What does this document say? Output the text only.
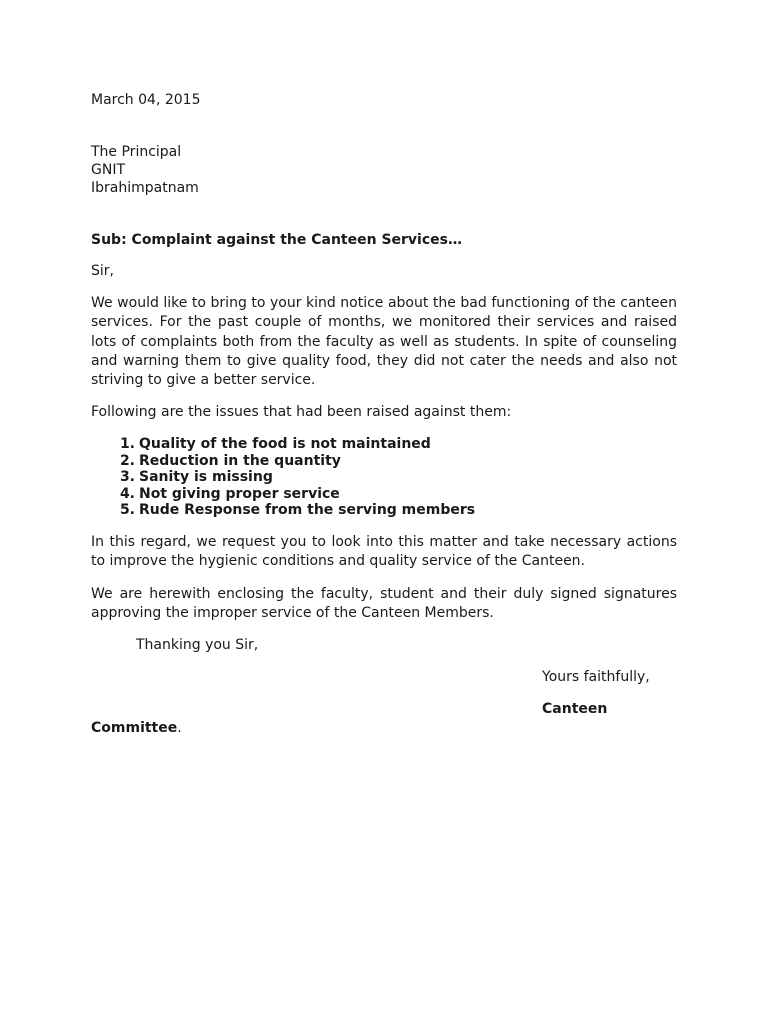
March 04, 2015
The Principal
GNIT
Ibrahimpatnam
Sub: Complaint against the Canteen Services…
Sir,
We would like to bring to your kind notice about the bad functioning of the canteen services. For the past couple of months, we monitored their services and raised lots of complaints both from the faculty as well as students. In spite of counseling and warning them to give quality food, they did not cater the needs and also not striving to give a better service.
Following are the issues that had been raised against them:
1. Quality of the food is not maintained
2. Reduction in the quantity
3. Sanity is missing
4. Not giving proper service
5. Rude Response from the serving members
In this regard, we request you to look into this matter and take necessary actions to improve the hygienic conditions and quality service of the Canteen.
We are herewith enclosing the faculty, student and their duly signed signatures approving the improper service of the Canteen Members.
Thanking you Sir,
Yours faithfully,
Canteen
Committee.
